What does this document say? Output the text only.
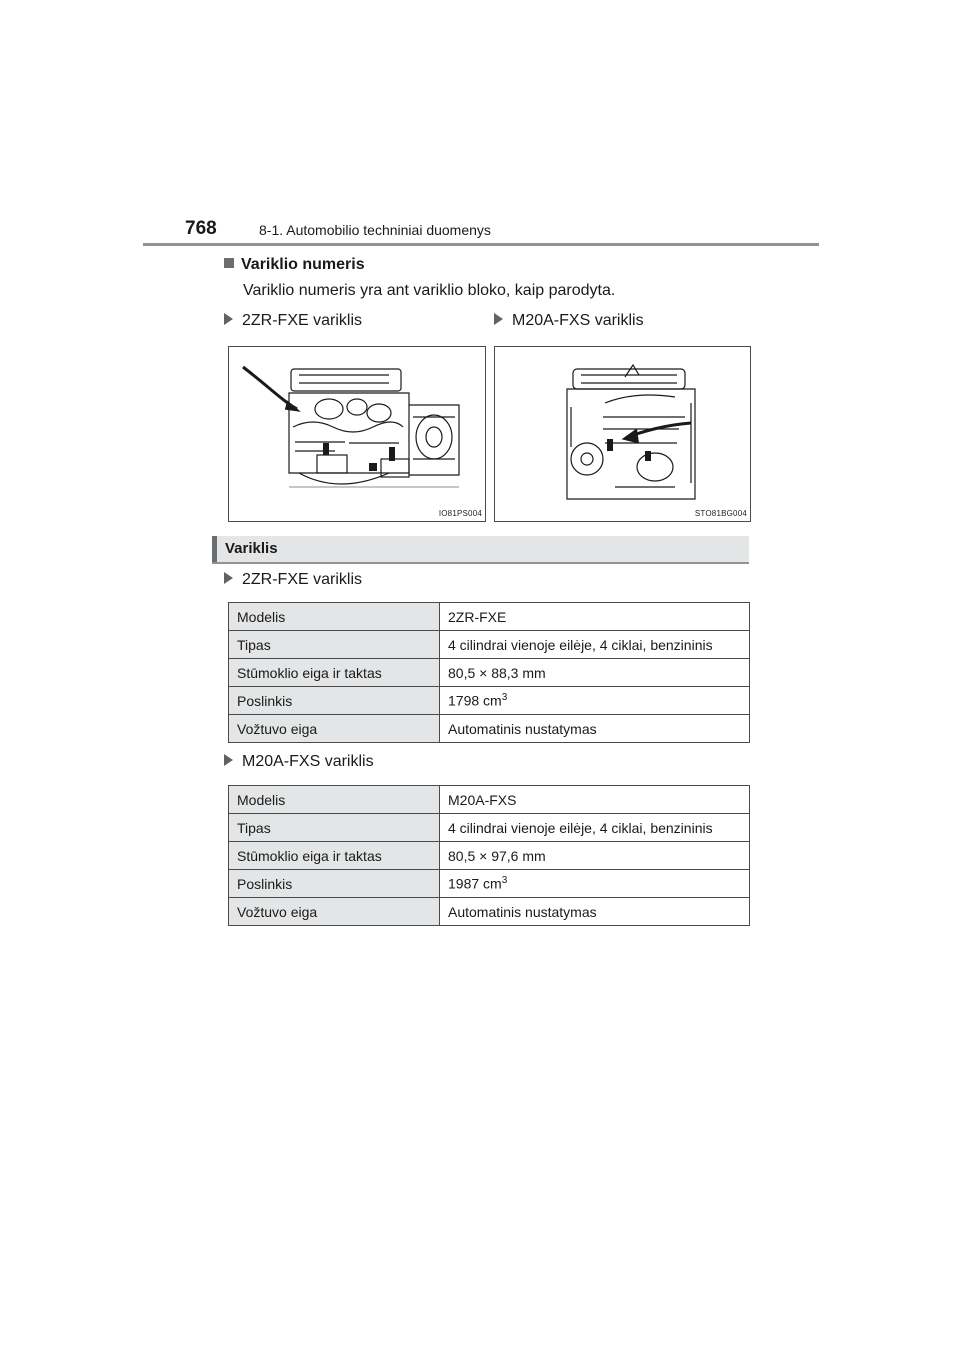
768	8-1. Automobilio techniniai duomenys
Variklio numeris
Variklio numeris yra ant variklio bloko, kaip parodyta.
2ZR-FXE variklis	M20A-FXS variklis
IO81PS004	STO81BG004
Variklis
2ZR-FXE variklis
Modelis	2ZR-FXE
Tipas	4 cilindrai vienoje eilėje, 4 ciklai, benzininis
Stūmoklio eiga ir taktas	80,5 × 88,3 mm
Poslinkis	1798 $cm^3$
Vožtuvo eiga	Automatinis nustatymas
M20A-FXS variklis
Modelis	M20A-FXS
Tipas	4 cilindrai vienoje eilėje, 4 ciklai, benzininis
Stūmoklio eiga ir taktas	80,5 × 97,6 mm
Poslinkis	1987 $cm^3$
Vožtuvo eiga	Automatinis nustatymas
